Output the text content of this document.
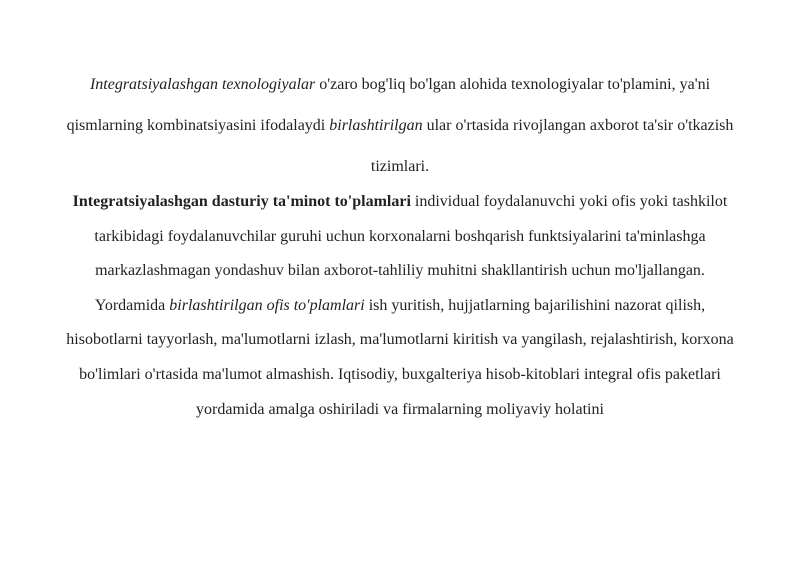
Integratsiyalashgan texnologiyalar o'zaro bog'liq bo'lgan alohida texnologiyalar to'plamini, ya'ni qismlarning kombinatsiyasini ifodalaydi birlashtirilgan ular o'rtasida rivojlangan axborot ta'sir o'tkazish tizimlari.

Integratsiyalashgan dasturiy ta'minot to'plamlari individual foydalanuvchi yoki ofis yoki tashkilot tarkibidagi foydalanuvchilar guruhi uchun korxonalarni boshqarish funktsiyalarini ta'minlashga markazlashmagan yondashuv bilan axborot-tahliliy muhitni shakllantirish uchun mo'ljallangan. Yordamida birlashtirilgan ofis to'plamlari ish yuritish, hujjatlarning bajarilishini nazorat qilish, hisobotlarni tayyorlash, ma'lumotlarni izlash, ma'lumotlarni kiritish va yangilash, rejalashtirish, korxona bo'limlari o'rtasida ma'lumot almashish. Iqtisodiy, buxgalteriya hisob-kitoblari integral ofis paketlari yordamida amalga oshiriladi va firmalarning moliyaviy holatini
